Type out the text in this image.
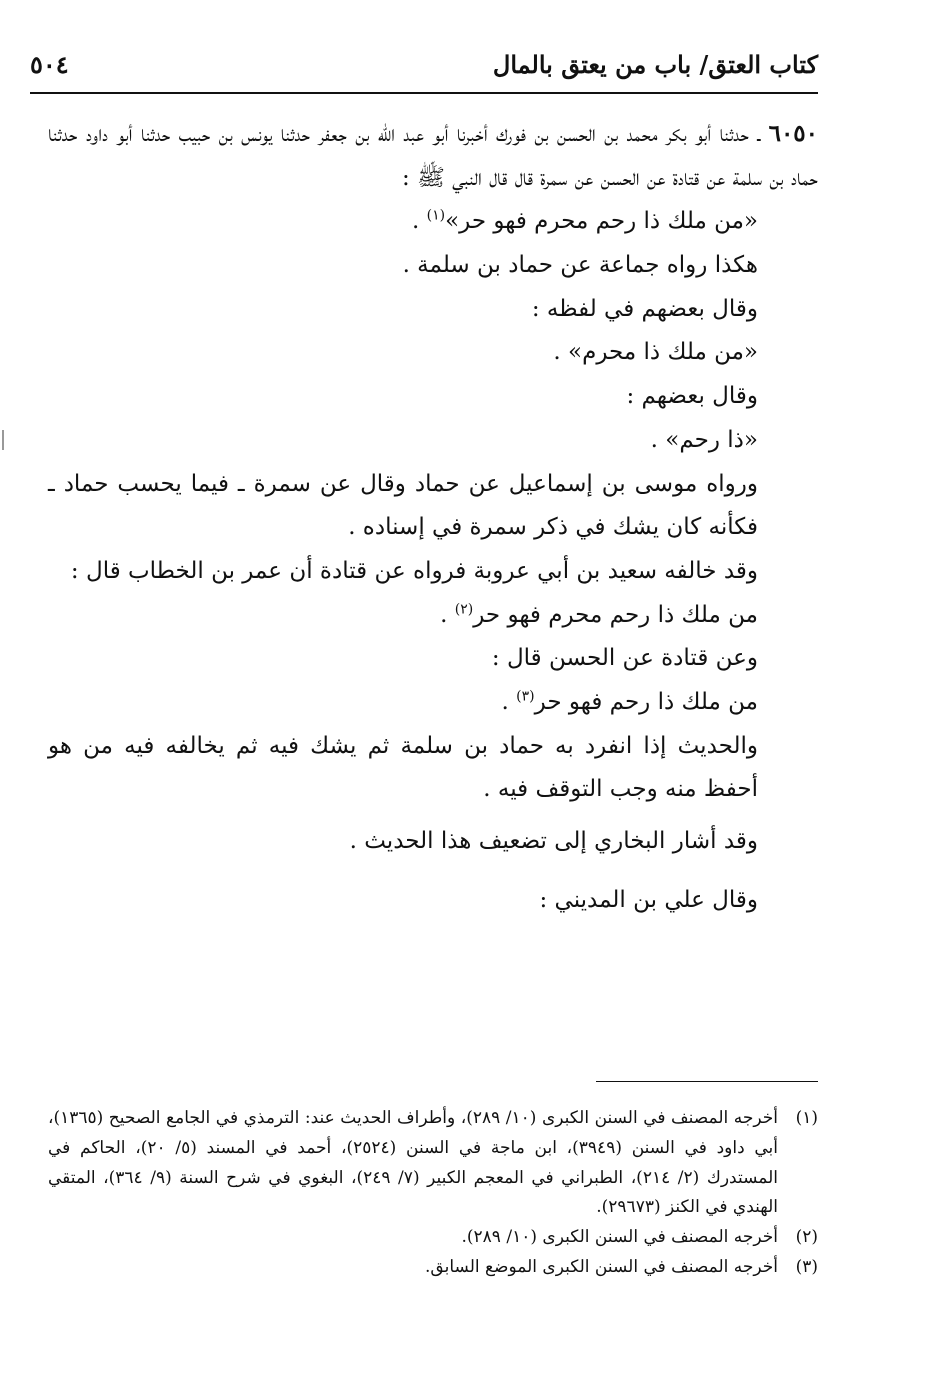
كتاب العتق/ باب من يعتق بالمال
٥٠٤

٦٠٥٠ ـ حدثنا أبو بكر محمد بن الحسن بن فورك أخبرنا أبو عبد الله بن جعفر حدثنا يونس بن حبيب حدثنا أبو داود حدثنا حماد بن سلمة عن قتادة عن الحسن عن سمرة قال قال النبي ﷺ :

«من ملك ذا رحم محرم فهو حر»$^{(١)}$ .

هكذا رواه جماعة عن حماد بن سلمة .

وقال بعضهم في لفظه :

«من ملك ذا محرم» .

وقال بعضهم :

«ذا رحم» .

ورواه موسى بن إسماعيل عن حماد وقال عن سمرة ـ فيما يحسب حماد ـ فكأنه كان يشك في ذكر سمرة في إسناده .

وقد خالفه سعيد بن أبي عروبة فرواه عن قتادة أن عمر بن الخطاب قال :

من ملك ذا رحم محرم فهو حر$^{(٢)}$ .

وعن قتادة عن الحسن قال :

من ملك ذا رحم فهو حر$^{(٣)}$ .

والحديث إذا انفرد به حماد بن سلمة ثم يشك فيه ثم يخالفه فيه من هو أحفظ منه وجب التوقف فيه .

وقد أشار البخاري إلى تضعيف هذا الحديث .

وقال علي بن المديني :

(١)
أخرجه المصنف في السنن الكبرى (١٠/ ٢٨٩)، وأطراف الحديث عند: الترمذي في الجامع الصحيح (١٣٦٥)، أبي داود في السنن (٣٩٤٩)، ابن ماجة في السنن (٢٥٢٤)، أحمد في المسند (٥/ ٢٠)، الحاكم في المستدرك (٢/ ٢١٤)، الطبراني في المعجم الكبير (٧/ ٢٤٩)، البغوي في شرح السنة (٩/ ٣٦٤)، المتقي الهندي في الكنز (٢٩٦٧٣).
(٢)
أخرجه المصنف في السنن الكبرى (١٠/ ٢٨٩).
(٣)
أخرجه المصنف في السنن الكبرى الموضع السابق.
